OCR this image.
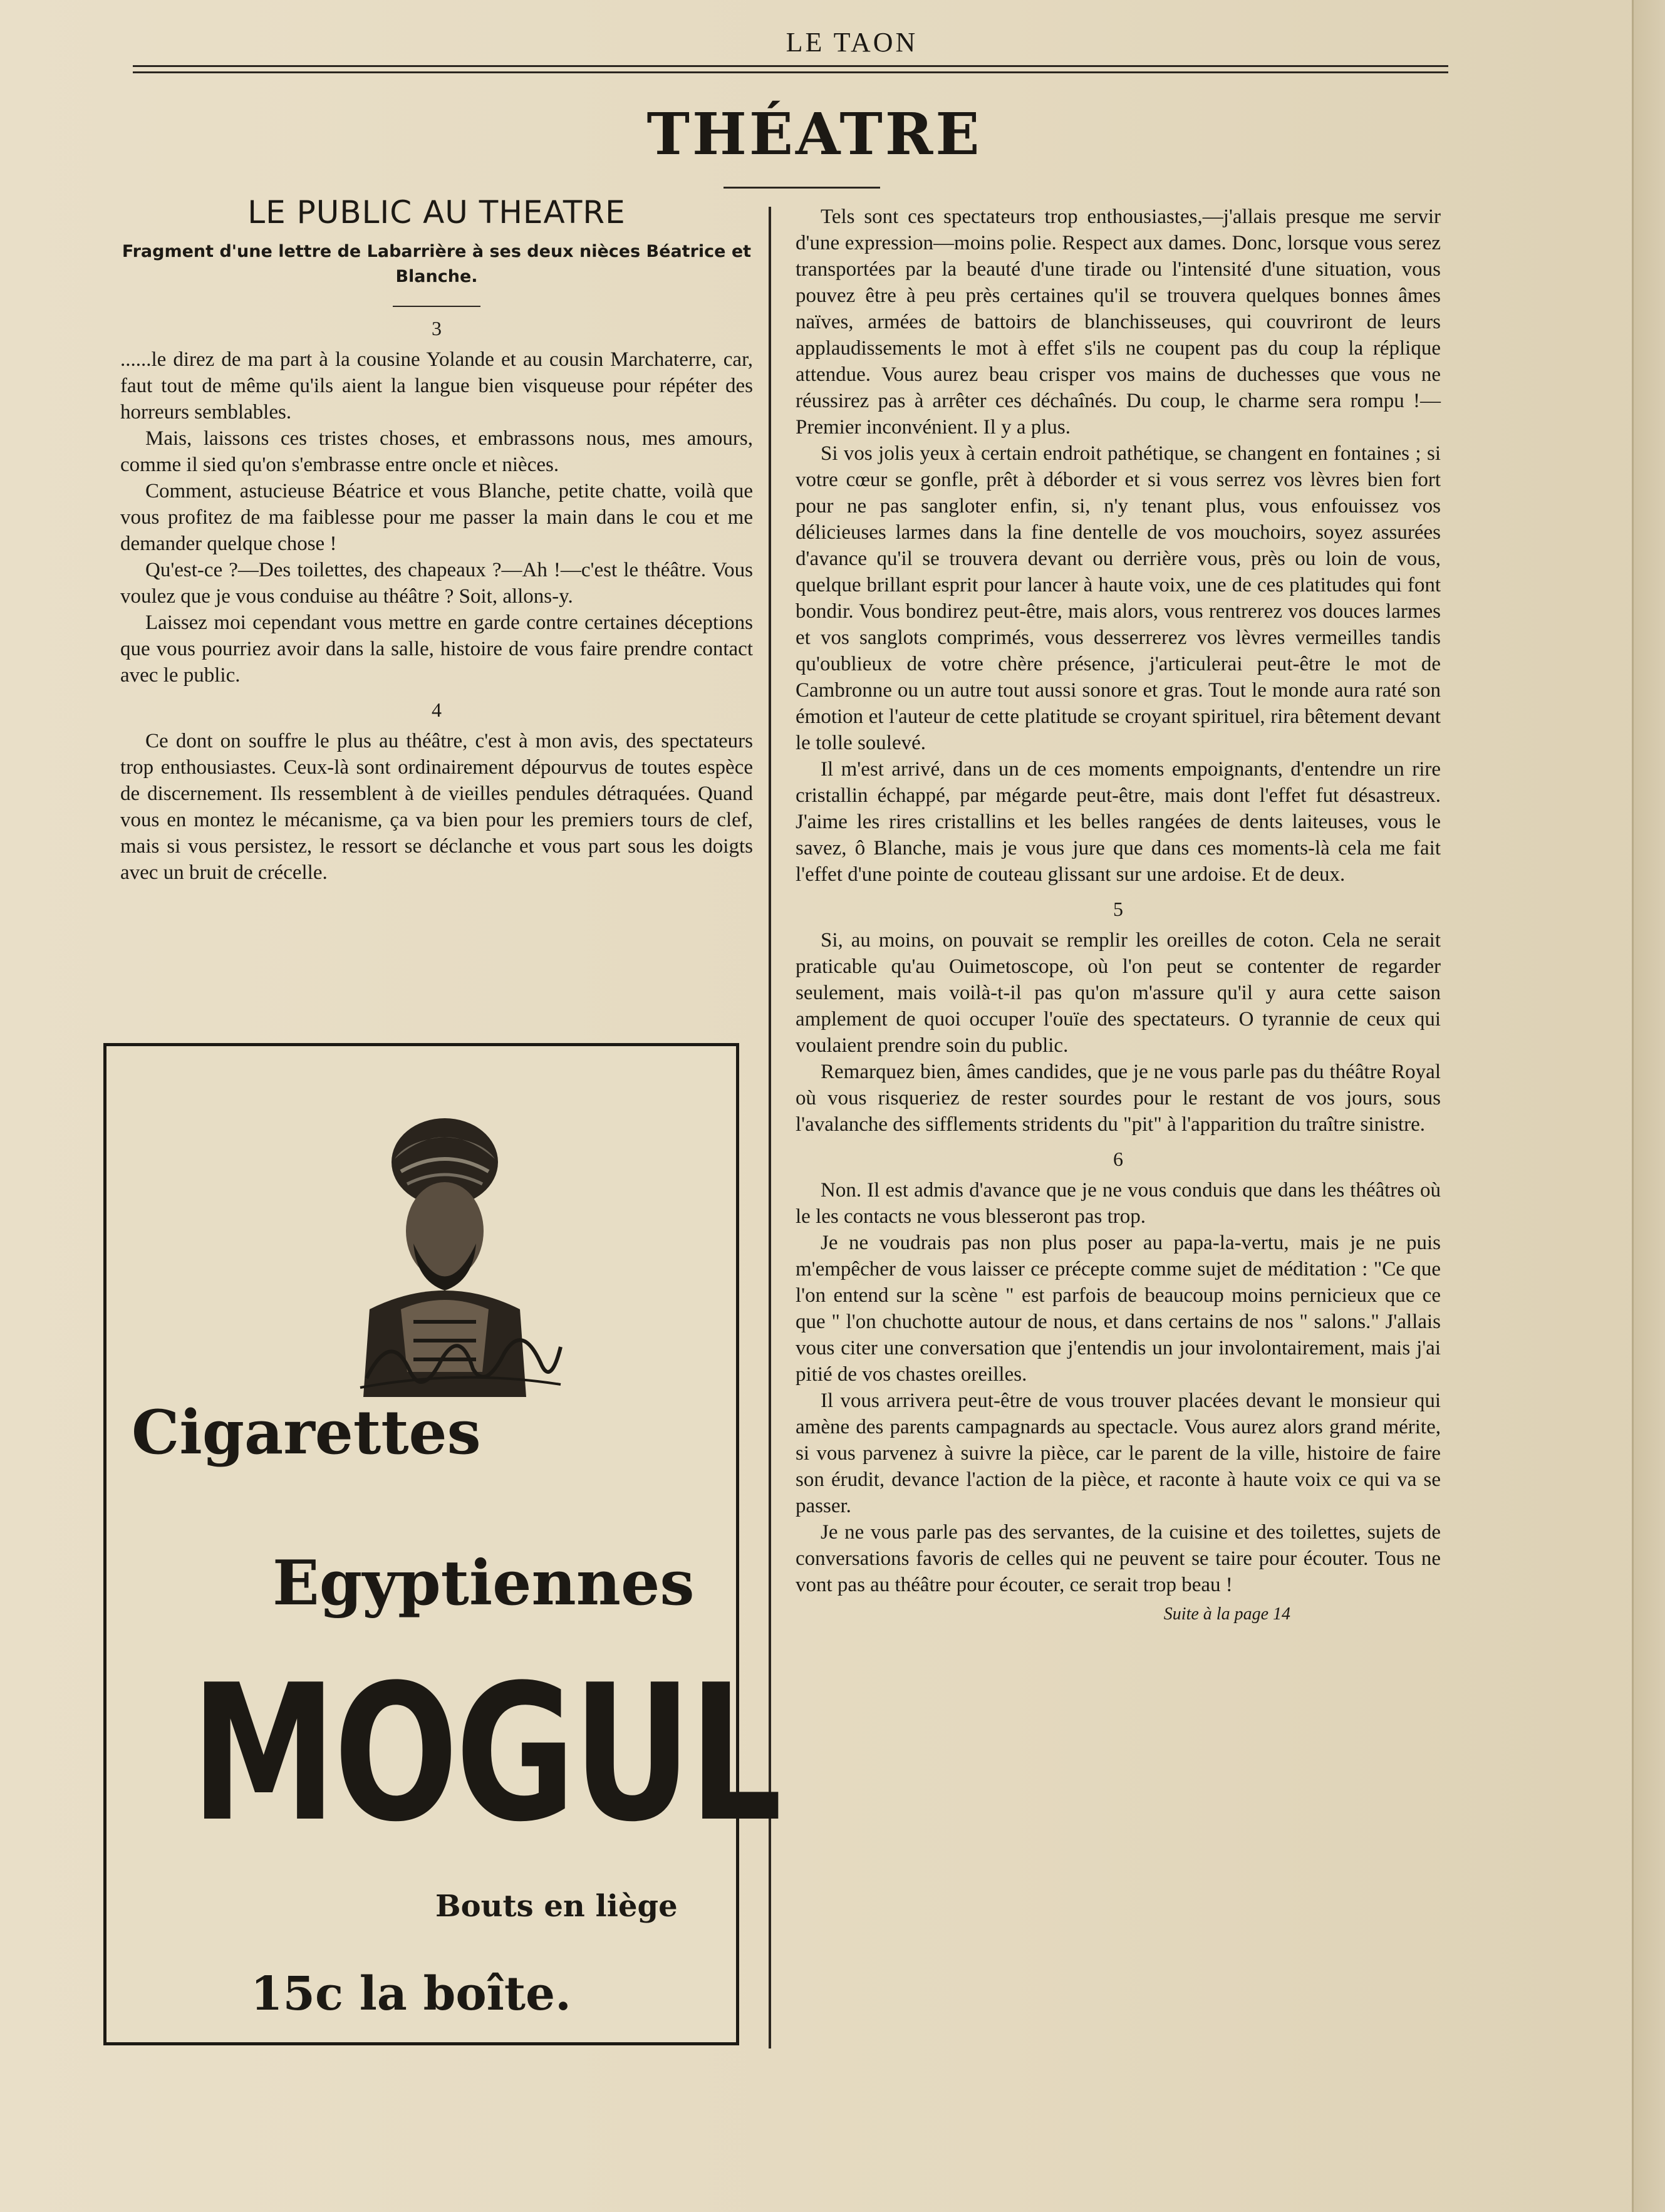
LE TAON
THÉATRE
LE PUBLIC AU THEATRE
Fragment d'une lettre de Labarrière à ses deux nièces Béatrice et Blanche.
3

......le direz de ma part à la cousine Yolande et au cousin Marchaterre, car, faut tout de même qu'ils aient la langue bien visqueuse pour répéter des horreurs semblables.

Mais, laissons ces tristes choses, et embrassons nous, mes amours, comme il sied qu'on s'embrasse entre oncle et nièces.

Comment, astucieuse Béatrice et vous Blanche, petite chatte, voilà que vous profitez de ma faiblesse pour me passer la main dans le cou et me demander quelque chose !

Qu'est-ce ?—Des toilettes, des chapeaux ?—Ah !—c'est le théâtre. Vous voulez que je vous conduise au théâtre ? Soit, allons-y.

Laissez moi cependant vous mettre en garde contre certaines déceptions que vous pourriez avoir dans la salle, histoire de vous faire prendre contact avec le public.

4

Ce dont on souffre le plus au théâtre, c'est à mon avis, des spectateurs trop enthousiastes. Ceux-là sont ordinairement dépourvus de toutes espèce de discernement. Ils ressemblent à de vieilles pendules détraquées. Quand vous en montez le mécanisme, ça va bien pour les premiers tours de clef, mais si vous persistez, le ressort se déclanche et vous part sous les doigts avec un bruit de crécelle.

Cigarettes
Egyptiennes
MOGUL
Bouts en liège
15c la boîte.

Tels sont ces spectateurs trop enthousiastes,—j'allais presque me servir d'une expression—moins polie. Respect aux dames. Donc, lorsque vous serez transportées par la beauté d'une tirade ou l'intensité d'une situation, vous pouvez être à peu près certaines qu'il se trouvera quelques bonnes âmes naïves, armées de battoirs de blanchisseuses, qui couvriront de leurs applaudissements le mot à effet s'ils ne coupent pas du coup la réplique attendue. Vous aurez beau crisper vos mains de duchesses que vous ne réussirez pas à arrêter ces déchaînés. Du coup, le charme sera rompu !—Premier inconvénient. Il y a plus.

Si vos jolis yeux à certain endroit pathétique, se changent en fontaines ; si votre cœur se gonfle, prêt à déborder et si vous serrez vos lèvres bien fort pour ne pas sangloter enfin, si, n'y tenant plus, vous enfouissez vos délicieuses larmes dans la fine dentelle de vos mouchoirs, soyez assurées d'avance qu'il se trouvera devant ou derrière vous, près ou loin de vous, quelque brillant esprit pour lancer à haute voix, une de ces platitudes qui font bondir. Vous bondirez peut-être, mais alors, vous rentrerez vos douces larmes et vos sanglots comprimés, vous desserrerez vos lèvres vermeilles tandis qu'oublieux de votre chère présence, j'articulerai peut-être le mot de Cambronne ou un autre tout aussi sonore et gras. Tout le monde aura raté son émotion et l'auteur de cette platitude se croyant spirituel, rira bêtement devant le tolle soulevé.

Il m'est arrivé, dans un de ces moments empoignants, d'entendre un rire cristallin échappé, par mégarde peut-être, mais dont l'effet fut désastreux. J'aime les rires cristallins et les belles rangées de dents laiteuses, vous le savez, ô Blanche, mais je vous jure que dans ces moments-là cela me fait l'effet d'une pointe de couteau glissant sur une ardoise. Et de deux.

5

Si, au moins, on pouvait se remplir les oreilles de coton. Cela ne serait praticable qu'au Ouimetoscope, où l'on peut se contenter de regarder seulement, mais voilà-t-il pas qu'on m'assure qu'il y aura cette saison amplement de quoi occuper l'ouïe des spectateurs. O tyrannie de ceux qui voulaient prendre soin du public.

Remarquez bien, âmes candides, que je ne vous parle pas du théâtre Royal où vous risqueriez de rester sourdes pour le restant de vos jours, sous l'avalanche des sifflements stridents du "pit" à l'apparition du traître sinistre.

6

Non. Il est admis d'avance que je ne vous conduis que dans les théâtres où le les contacts ne vous blesseront pas trop.

Je ne voudrais pas non plus poser au papa-la-vertu, mais je ne puis m'empêcher de vous laisser ce précepte comme sujet de méditation : "Ce que l'on entend sur la scène " est parfois de beaucoup moins pernicieux que ce que " l'on chuchotte autour de nous, et dans certains de nos " salons." J'allais vous citer une conversation que j'entendis un jour involontairement, mais j'ai pitié de vos chastes oreilles.

Il vous arrivera peut-être de vous trouver placées devant le monsieur qui amène des parents campagnards au spectacle. Vous aurez alors grand mérite, si vous parvenez à suivre la pièce, car le parent de la ville, histoire de faire son érudit, devance l'action de la pièce, et raconte à haute voix ce qui va se passer.

Je ne vous parle pas des servantes, de la cuisine et des toilettes, sujets de conversations favoris de celles qui ne peuvent se taire pour écouter. Tous ne vont pas au théâtre pour écouter, ce serait trop beau !

Suite à la page 14
